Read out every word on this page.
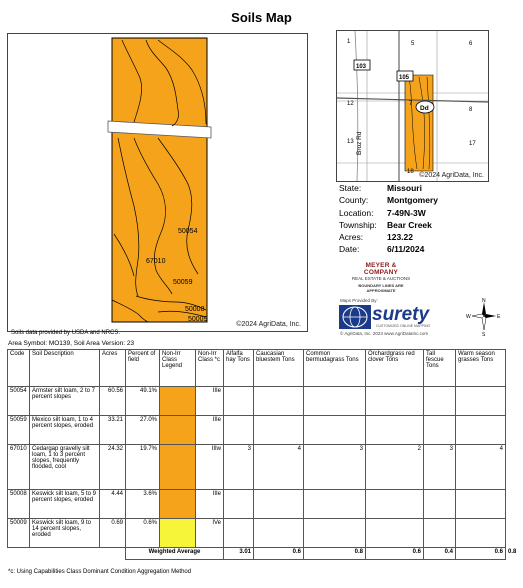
Soils Map
50054
67010
50059
50008
50009
©2024 AgriData, Inc.
1	5	6
12	7
8
13
18
17
103
105
Dd
Broz Rd
©2024 AgriData, Inc.
State:	Missouri
County:	Montgomery
Location:	7-49N-3W
Township:	Bear Creek
Acres:	123.22
Date:	6/11/2024
MEYER & COMPANY
REAL ESTATE & AUCTIONS
BOUNDARY LINES ARE APPROXIMATE
Maps Provided By:
surety
CUSTOMIZED ONLINE MAPPING
© AgriData, Inc. 2023 www.AgriDataInc.com
N
S
E
W
Soils data provided by USDA and NRCS.
Area Symbol: MO139, Soil Area Version: 23
Code	Soil Description	Acres	Percent of field	Non-Irr Class Legend	Non-Irr Class *c	Alfalfa hay Tons	Caucasian bluestem Tons	Common bermudagrass Tons	Orchardgrass red clover Tons	Tall fescue Tons	Warm season grasses Tons	
50054	Armster silt loam, 2 to 7 percent slopes	60.56	49.1%		IIIe							
50059	Mexico silt loam, 1 to 4 percent slopes, eroded	33.21	27.0%		IIIe							
67010	Cedargap gravelly silt loam, 1 to 3 percent slopes, frequently flooded, cool	24.32	19.7%		IIIw	3	4	3	2	3	4	
50008	Keswick silt loam, 5 to 9 percent slopes, eroded	4.44	3.6%		IIIe							
50009	Keswick silt loam, 9 to 14 percent slopes, eroded	0.69	0.6%		IVe							
			Weighted Average			3.01	0.6	0.8	0.6	0.4	0.6	0.8
*c: Using Capabilities Class Dominant Condition Aggregation Method
